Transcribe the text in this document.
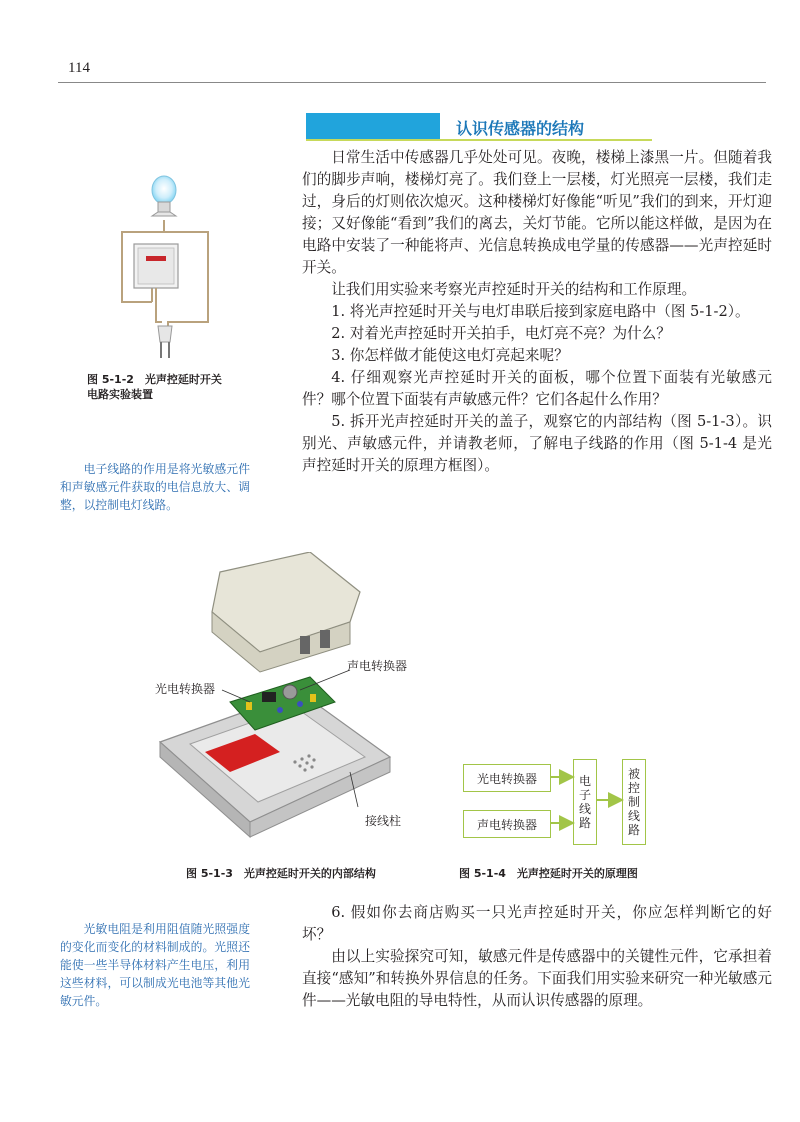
114
认识传感器的结构

日常生活中传感器几乎处处可见。夜晚，楼梯上漆黑一片。但随着我们的脚步声响，楼梯灯亮了。我们登上一层楼，灯光照亮一层楼，我们走过，身后的灯则依次熄灭。这种楼梯灯好像能“听见”我们的到来，开灯迎接；又好像能“看到”我们的离去，关灯节能。它所以能这样做，是因为在电路中安装了一种能将声、光信息转换成电学量的传感器——光声控延时开关。

让我们用实验来考察光声控延时开关的结构和工作原理。

1. 将光声控延时开关与电灯串联后接到家庭电路中（图 5-1-2）。

2. 对着光声控延时开关拍手，电灯亮不亮？为什么？

3. 你怎样做才能使这电灯亮起来呢？

4. 仔细观察光声控延时开关的面板，哪个位置下面装有光敏感元件？哪个位置下面装有声敏感元件？它们各起什么作用？

5. 拆开光声控延时开关的盖子，观察它的内部结构（图 5-1-3）。识别光、声敏感元件，并请教老师，了解电子线路的作用（图 5-1-4 是光声控延时开关的原理方框图）。

图 5-1-2　光声控延时开关
电路实验装置
电子线路的作用是将光敏感元件和声敏感元件获取的电信息放大、调整，以控制电灯线路。
声电转换器
光电转换器
接线柱
图 5-1-3　光声控延时开关的内部结构
光电转换器
声电转换器
电
子
线
路
被
控
制
线
路
图 5-1-4　光声控延时开关的原理图

6. 假如你去商店购买一只光声控延时开关，你应怎样判断它的好坏？

由以上实验探究可知，敏感元件是传感器中的关键性元件，它承担着直接“感知”和转换外界信息的任务。下面我们用实验来研究一种光敏感元件——光敏电阻的导电特性，从而认识传感器的原理。

光敏电阻是利用阻值随光照强度的变化而变化的材料制成的。光照还能使一些半导体材料产生电压，利用这些材料，可以制成光电池等其他光敏元件。
